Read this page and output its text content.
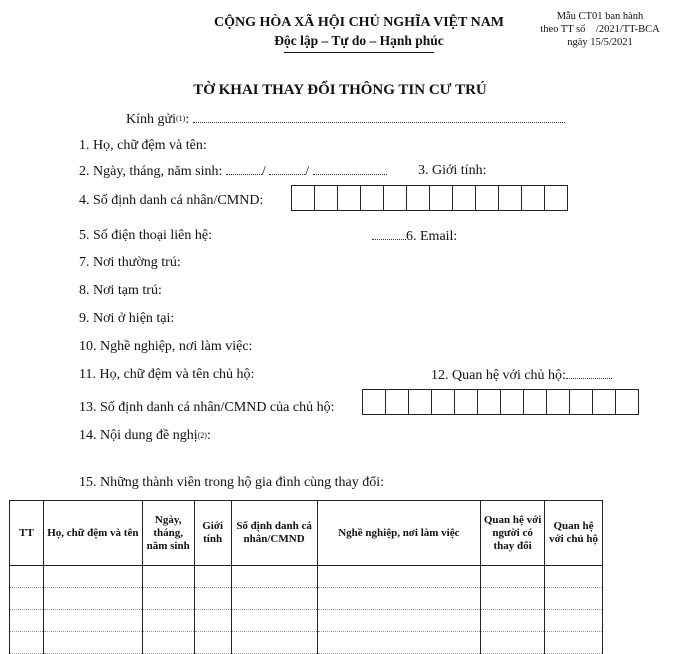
CỘNG HÒA XÃ HỘI CHỦ NGHĨA VIỆT NAM
Độc lập – Tự do – Hạnh phúc
Mẫu CT01 ban hành
theo TT số    /2021/TT-BCA
ngày 15/5/2021
TỜ KHAI THAY ĐỔI THÔNG TIN CƯ TRÚ
Kính gửi$^{(1)}$:
1. Họ, chữ đệm và tên:
2. Ngày, tháng, năm sinh:	/	/	3. Giới tính:
4. Số định danh cá nhân/CMND:
5. Số điện thoại liên hệ:	6. Email:
7. Nơi thường trú:
8. Nơi tạm trú:
9. Nơi ở hiện tại:
10. Nghề nghiệp, nơi làm việc:
11. Họ, chữ đệm và tên chủ hộ:	12. Quan hệ với chủ hộ:
13. Số định danh cá nhân/CMND của chủ hộ:
14. Nội dung đề nghị$^{(2)}$:
15. Những thành viên trong hộ gia đình cùng thay đổi:
TT	Họ, chữ đệm và tên	Ngày, tháng, năm sinh	Giới tính	Số định danh cá nhân/CMND	Nghề nghiệp, nơi làm việc	Quan hệ với người có thay đổi	Quan hệ với chủ hộ
